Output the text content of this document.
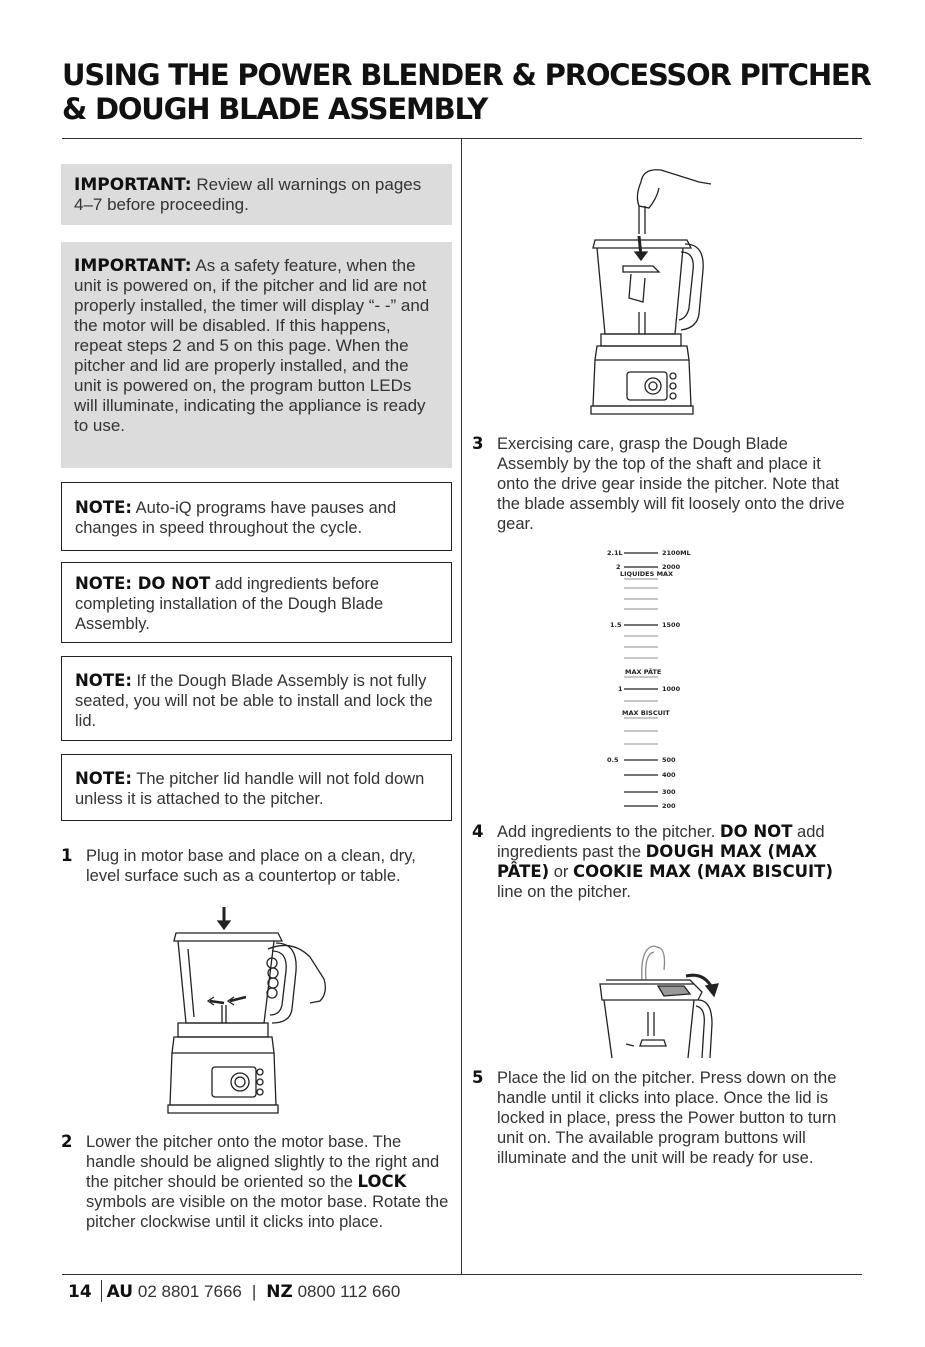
USING THE POWER BLENDER & PROCESSOR PITCHER
& DOUGH BLADE ASSEMBLY
IMPORTANT: Review all warnings on pages 4–7 before proceeding.
IMPORTANT: As a safety feature, when the unit is powered on, if the pitcher and lid are not properly installed, the timer will display “- -” and the motor will be disabled. If this happens, repeat steps 2 and 5 on this page. When the pitcher and lid are properly installed, and the unit is powered on, the program button LEDs will illuminate, indicating the appliance is ready to use.
NOTE: Auto-iQ programs have pauses and changes in speed throughout the cycle.
NOTE: DO NOT add ingredients before completing installation of the Dough Blade Assembly.
NOTE: If the Dough Blade Assembly is not fully seated, you will not be able to install and lock the lid.
NOTE: The pitcher lid handle will not fold down unless it is attached to the pitcher.
1 Plug in motor base and place on a clean, dry, level surface such as a countertop or table.
2 Lower the pitcher onto the motor base. The handle should be aligned slightly to the right and the pitcher should be oriented so the LOCK symbols are visible on the motor base. Rotate the pitcher clockwise until it clicks into place.
3 Exercising care, grasp the Dough Blade Assembly by the top of the shaft and place it onto the drive gear inside the pitcher. Note that the blade assembly will fit loosely onto the drive gear.
2.1L	2100ML
2	2000
LIQUIDES MAX
1.5	1500
MAX PÂTE
1	1000
MAX BISCUIT
0.5	500
400
300
200
4 Add ingredients to the pitcher. DO NOT add ingredients past the DOUGH MAX (MAX PÂTE) or COOKIE MAX (MAX BISCUIT) line on the pitcher.
5 Place the lid on the pitcher. Press down on the handle until it clicks into place. Once the lid is locked in place, press the Power button to turn unit on. The available program buttons will illuminate and the unit will be ready for use.
14 AU 02 8801 7666 | NZ 0800 112 660
